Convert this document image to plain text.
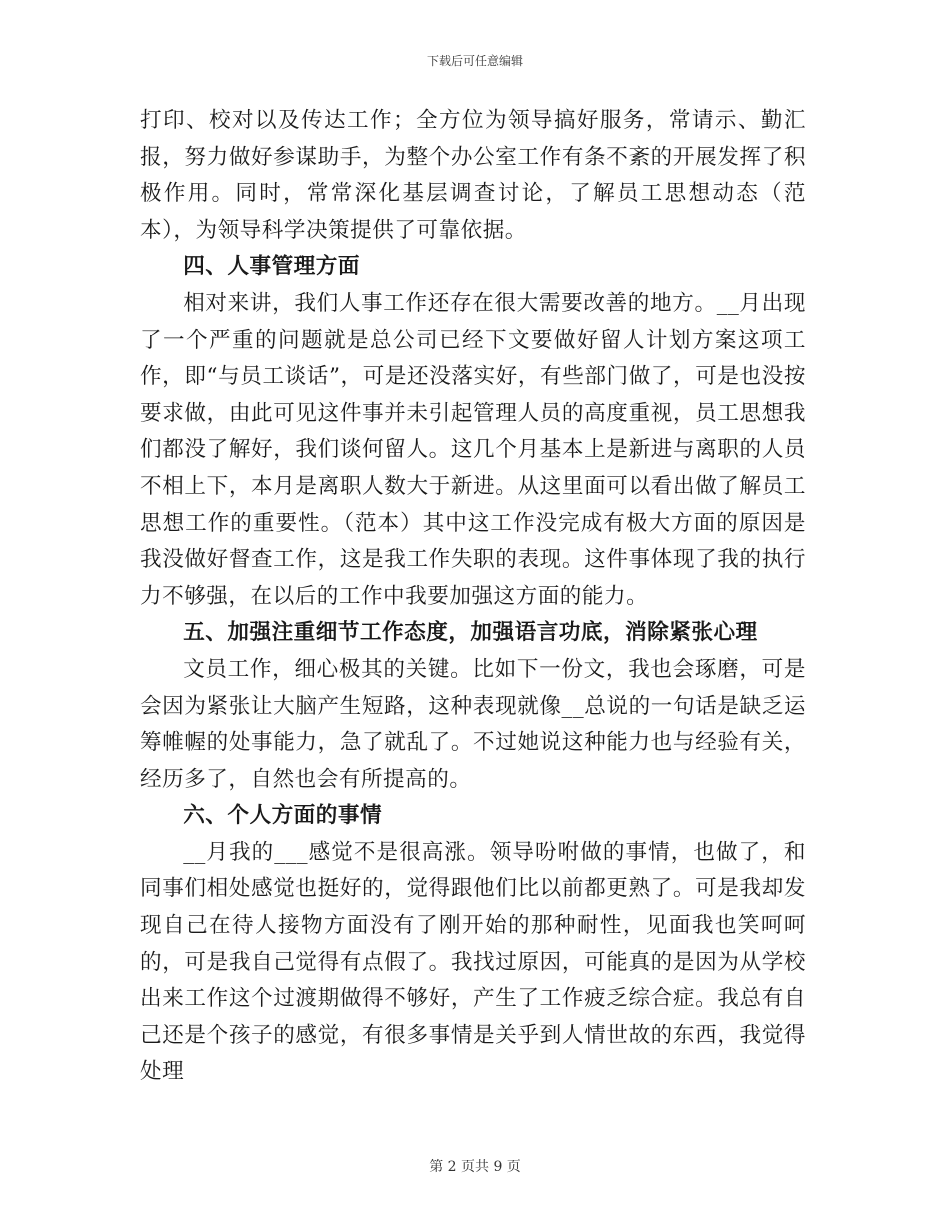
下载后可任意编辑

打印、校对以及传达工作；全方位为领导搞好服务，常请示、勤汇报，努力做好参谋助手，为整个办公室工作有条不紊的开展发挥了积极作用。同时，常常深化基层调查讨论，了解员工思想动态（范本），为领导科学决策提供了可靠依据。

四、人事管理方面

相对来讲，我们人事工作还存在很大需要改善的地方。__月出现了一个严重的问题就是总公司已经下文要做好留人计划方案这项工作，即“与员工谈话”，可是还没落实好，有些部门做了，可是也没按要求做，由此可见这件事并未引起管理人员的高度重视，员工思想我们都没了解好，我们谈何留人。这几个月基本上是新进与离职的人员不相上下，本月是离职人数大于新进。从这里面可以看出做了解员工思想工作的重要性。（范本）其中这工作没完成有极大方面的原因是我没做好督查工作，这是我工作失职的表现。这件事体现了我的执行力不够强，在以后的工作中我要加强这方面的能力。

五、加强注重细节工作态度，加强语言功底，消除紧张心理

文员工作，细心极其的关键。比如下一份文，我也会琢磨，可是会因为紧张让大脑产生短路，这种表现就像__总说的一句话是缺乏运筹帷幄的处事能力，急了就乱了。不过她说这种能力也与经验有关，经历多了，自然也会有所提高的。

六、个人方面的事情

__月我的___感觉不是很高涨。领导吩咐做的事情，也做了，和同事们相处感觉也挺好的，觉得跟他们比以前都更熟了。可是我却发现自己在待人接物方面没有了刚开始的那种耐性，见面我也笑呵呵的，可是我自己觉得有点假了。我找过原因，可能真的是因为从学校出来工作这个过渡期做得不够好，产生了工作疲乏综合症。我总有自己还是个孩子的感觉，有很多事情是关乎到人情世故的东西，我觉得处理

第 2 页共 9 页
